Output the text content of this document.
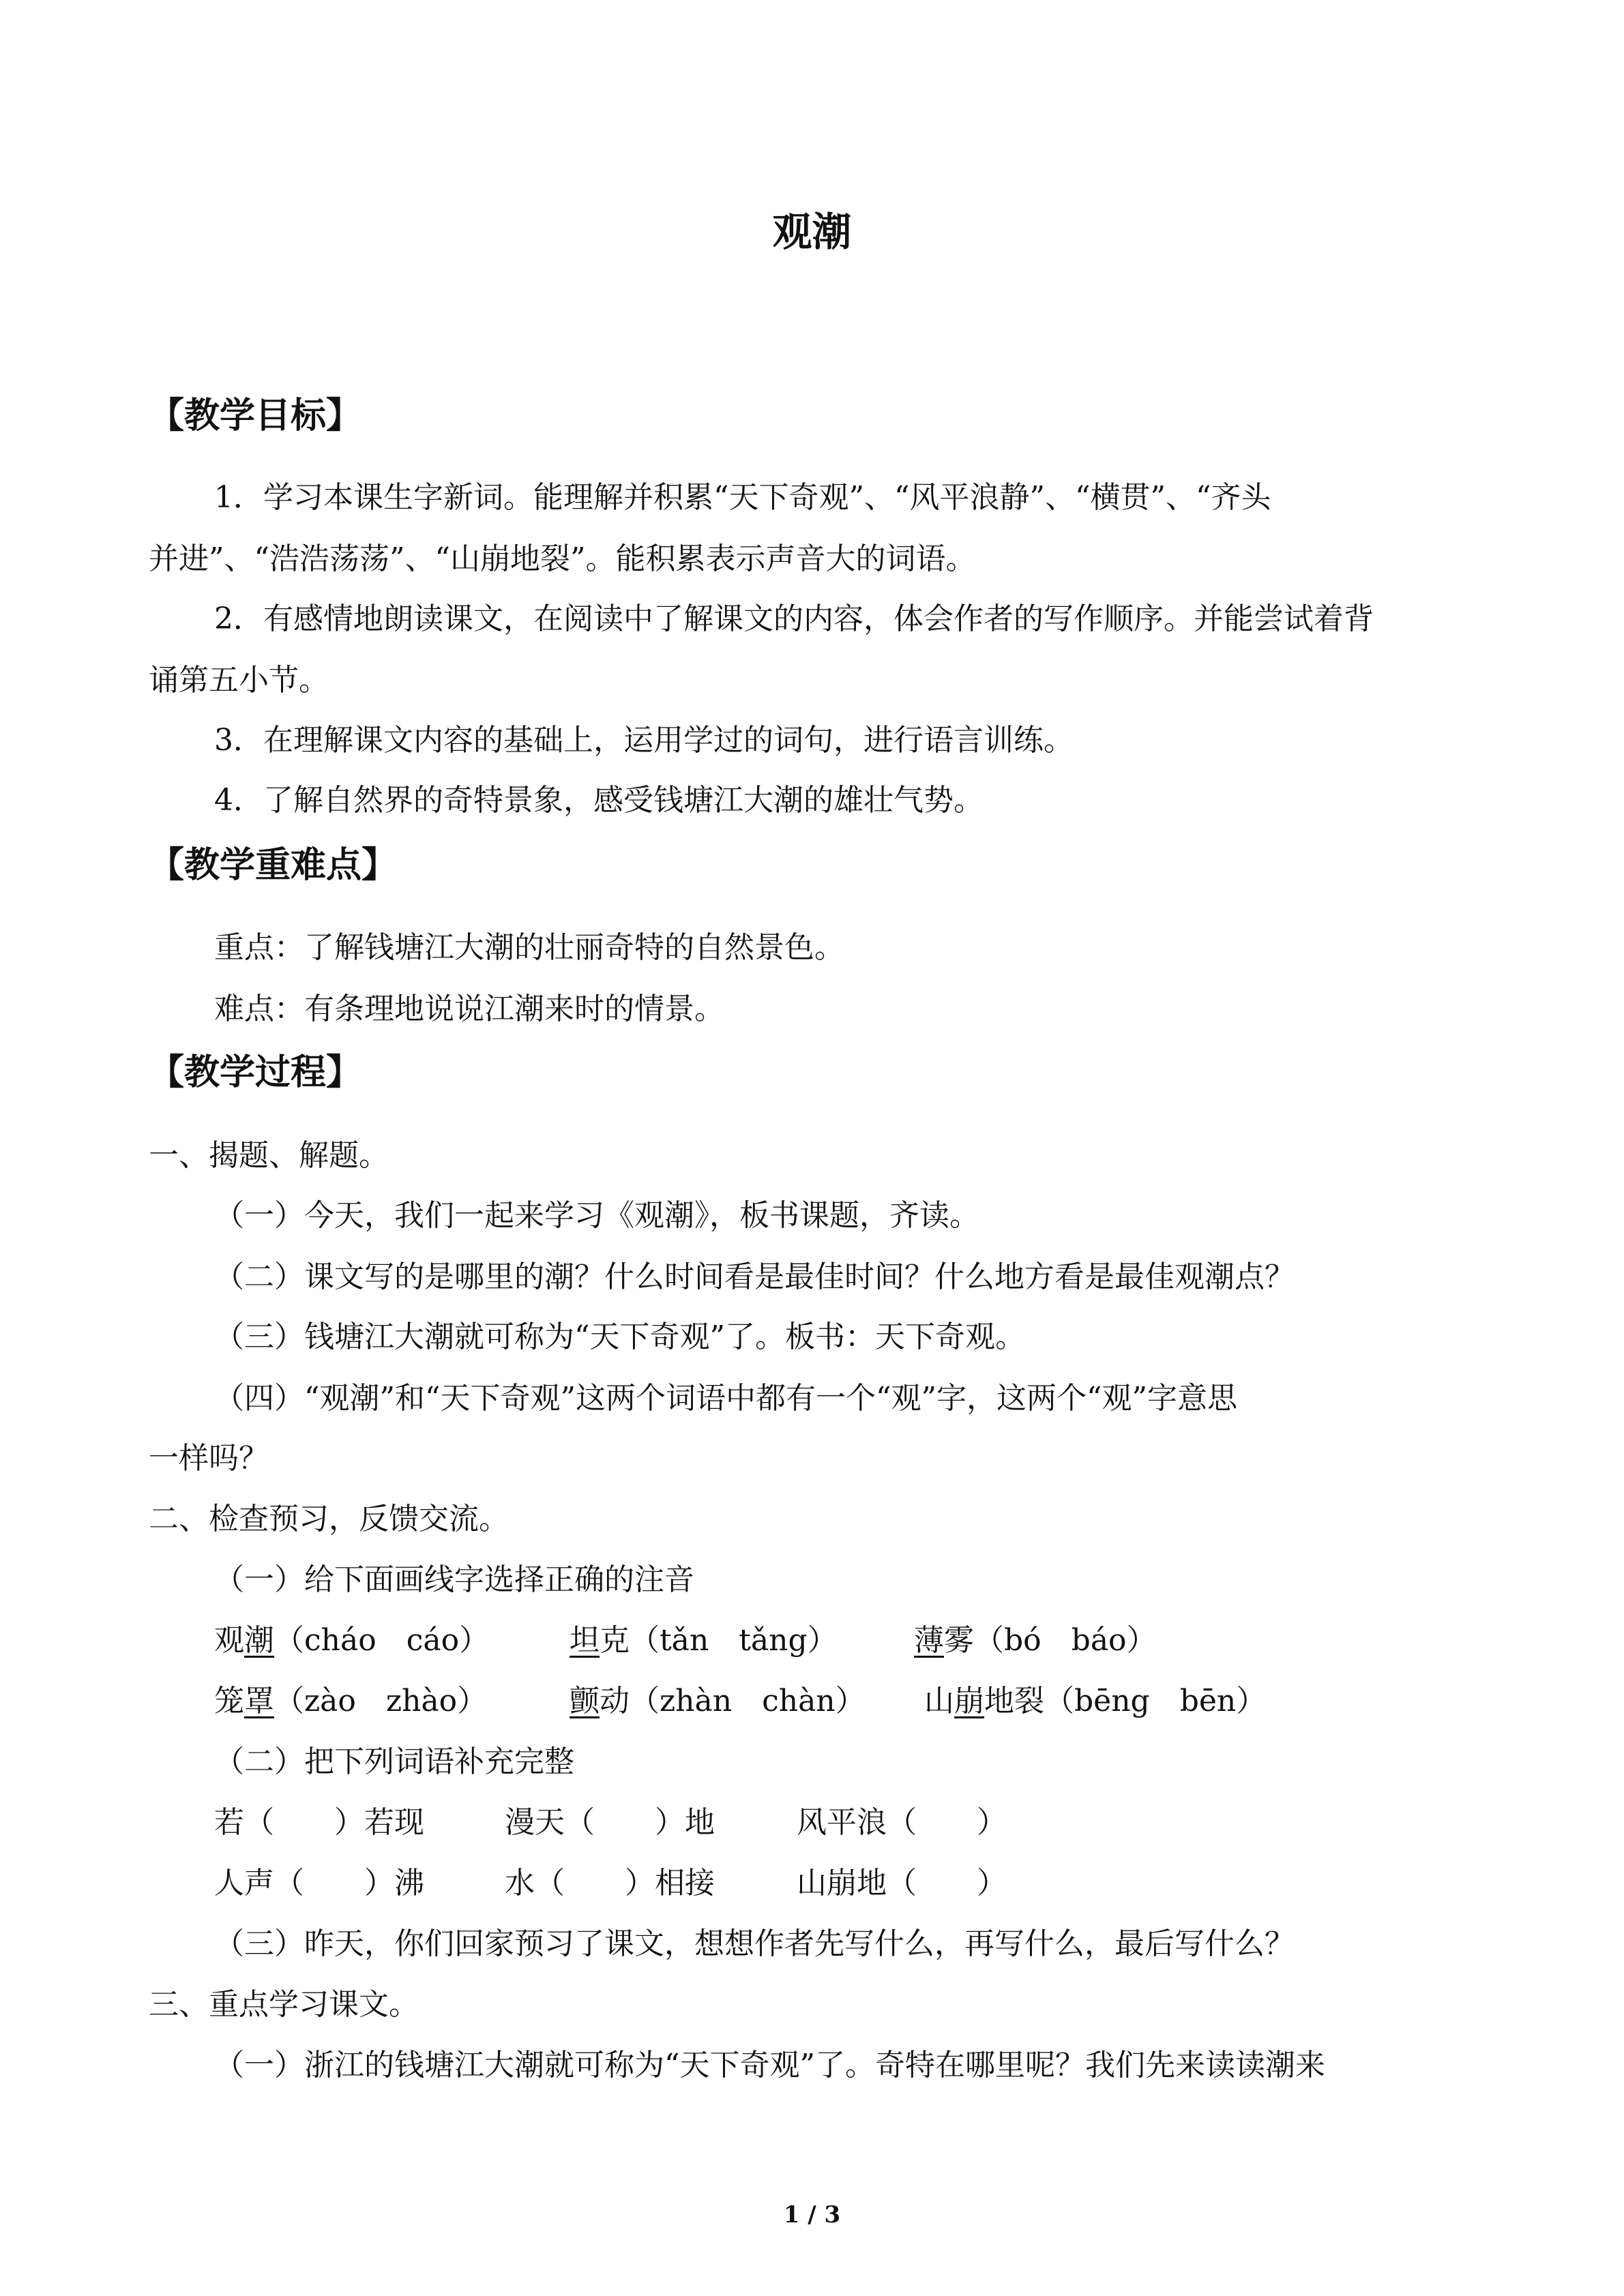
观潮
【教学目标】
1．学习本课生字新词。能理解并积累“天下奇观”、“风平浪静”、“横贯”、“齐头
并进”、“浩浩荡荡”、“山崩地裂”。能积累表示声音大的词语。
2．有感情地朗读课文，在阅读中了解课文的内容，体会作者的写作顺序。并能尝试着背
诵第五小节。
3．在理解课文内容的基础上，运用学过的词句，进行语言训练。
4．了解自然界的奇特景象，感受钱塘江大潮的雄壮气势。
【教学重难点】
重点：了解钱塘江大潮的壮丽奇特的自然景色。
难点：有条理地说说江潮来时的情景。
【教学过程】
一、揭题、解题。
（一）今天，我们一起来学习《观潮》，板书课题，齐读。
（二）课文写的是哪里的潮？什么时间看是最佳时间？什么地方看是最佳观潮点？
（三）钱塘江大潮就可称为“天下奇观”了。板书：天下奇观。
（四）“观潮”和“天下奇观”这两个词语中都有一个“观”字，这两个“观”字意思
一样吗？
二、检查预习，反馈交流。
（一）给下面画线字选择正确的注音
观潮（cháo　cáo）	坦克（tǎn　tǎng）	薄雾（bó　báo）
笼罩（zào　zhào）	颤动（zhàn　chàn） 山崩地裂（bēng　bēn）
（二）把下列词语补充完整
若（　　）若现	漫天（　　）地	风平浪（　　）
人声（　　）沸	水（　　）相接	山崩地（　　）
（三）昨天，你们回家预习了课文，想想作者先写什么，再写什么，最后写什么？
三、重点学习课文。
（一）浙江的钱塘江大潮就可称为“天下奇观”了。奇特在哪里呢？我们先来读读潮来
1 / 3
